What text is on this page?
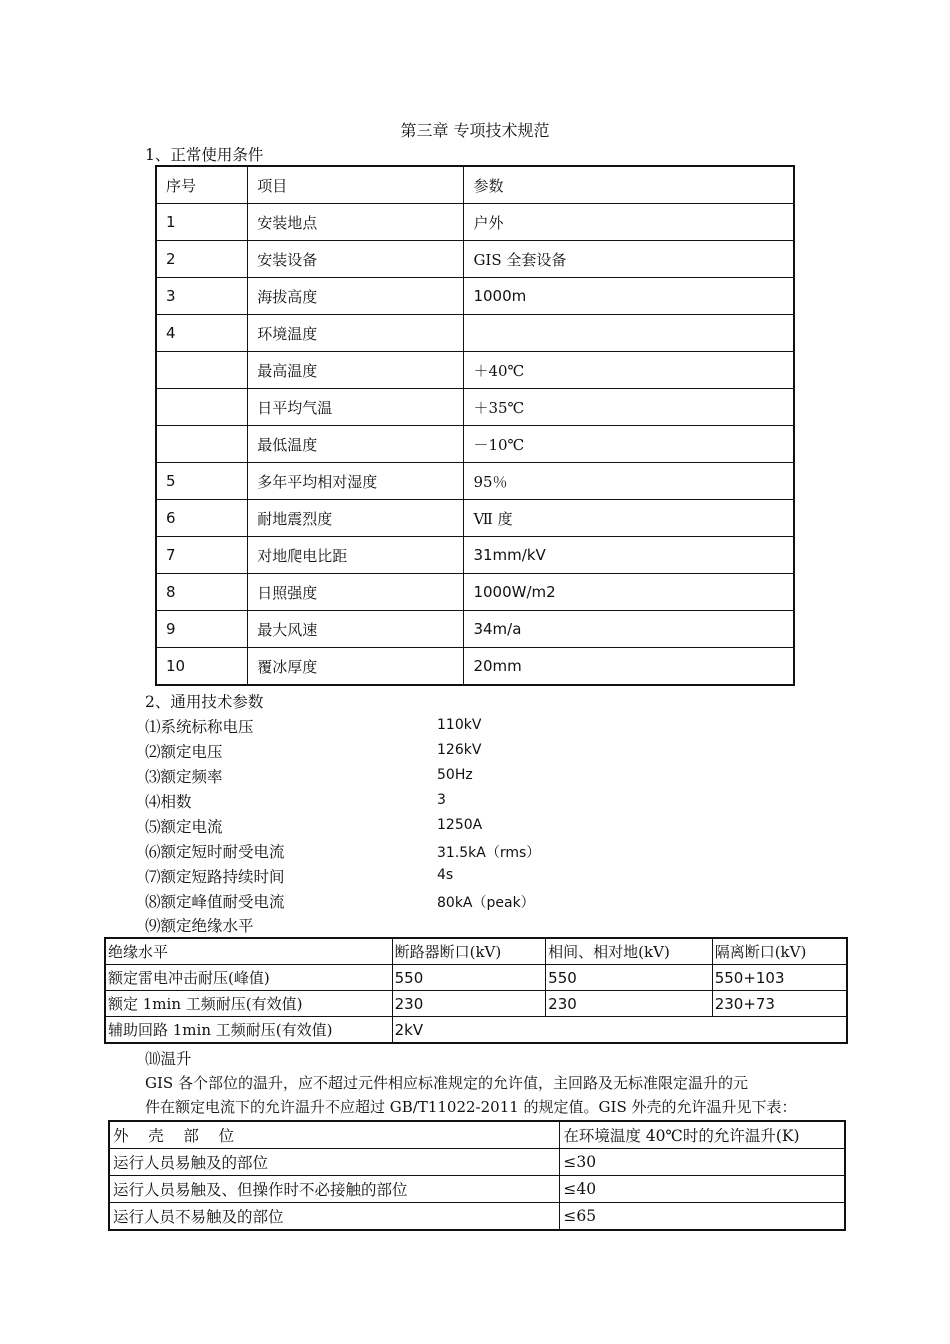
第三章 专项技术规范
1、正常使用条件
序号	项目	参数
1	安装地点	户外
2	安装设备	GIS 全套设备
3	海拔高度	1000m
4	环境温度	
	最高温度	＋40℃
	日平均气温	＋35℃
	最低温度	－10℃
5	多年平均相对湿度	95％
6	耐地震烈度	Ⅶ 度
7	对地爬电比距	31mm/kV
8	日照强度	1000W/m2
9	最大风速	34m/a
10	覆冰厚度	20mm
2、通用技术参数
⑴系统标称电压	110kV
⑵额定电压	126kV
⑶额定频率	50Hz
⑷相数	3
⑸额定电流	1250A
⑹额定短时耐受电流	31.5kA（rms）
⑺额定短路持续时间	4s
⑻额定峰值耐受电流	80kA（peak）
⑼额定绝缘水平
绝缘水平	断路器断口(kV)	相间、相对地(kV)	隔离断口(kV)
额定雷电冲击耐压(峰值)	550	550	550+103
额定 1min 工频耐压(有效值)	230	230	230+73
辅助回路 1min 工频耐压(有效值)	2kV		
⑽温升
GIS 各个部位的温升，应不超过元件相应标准规定的允许值，主回路及无标准限定温升的元
件在额定电流下的允许温升不应超过 GB/T11022-2011 的规定值。GIS 外壳的允许温升见下表：
外    壳    部    位	在环境温度 40℃时的允许温升(K)
运行人员易触及的部位	≤30
运行人员易触及、但操作时不必接触的部位	≤40
运行人员不易触及的部位	≤65
